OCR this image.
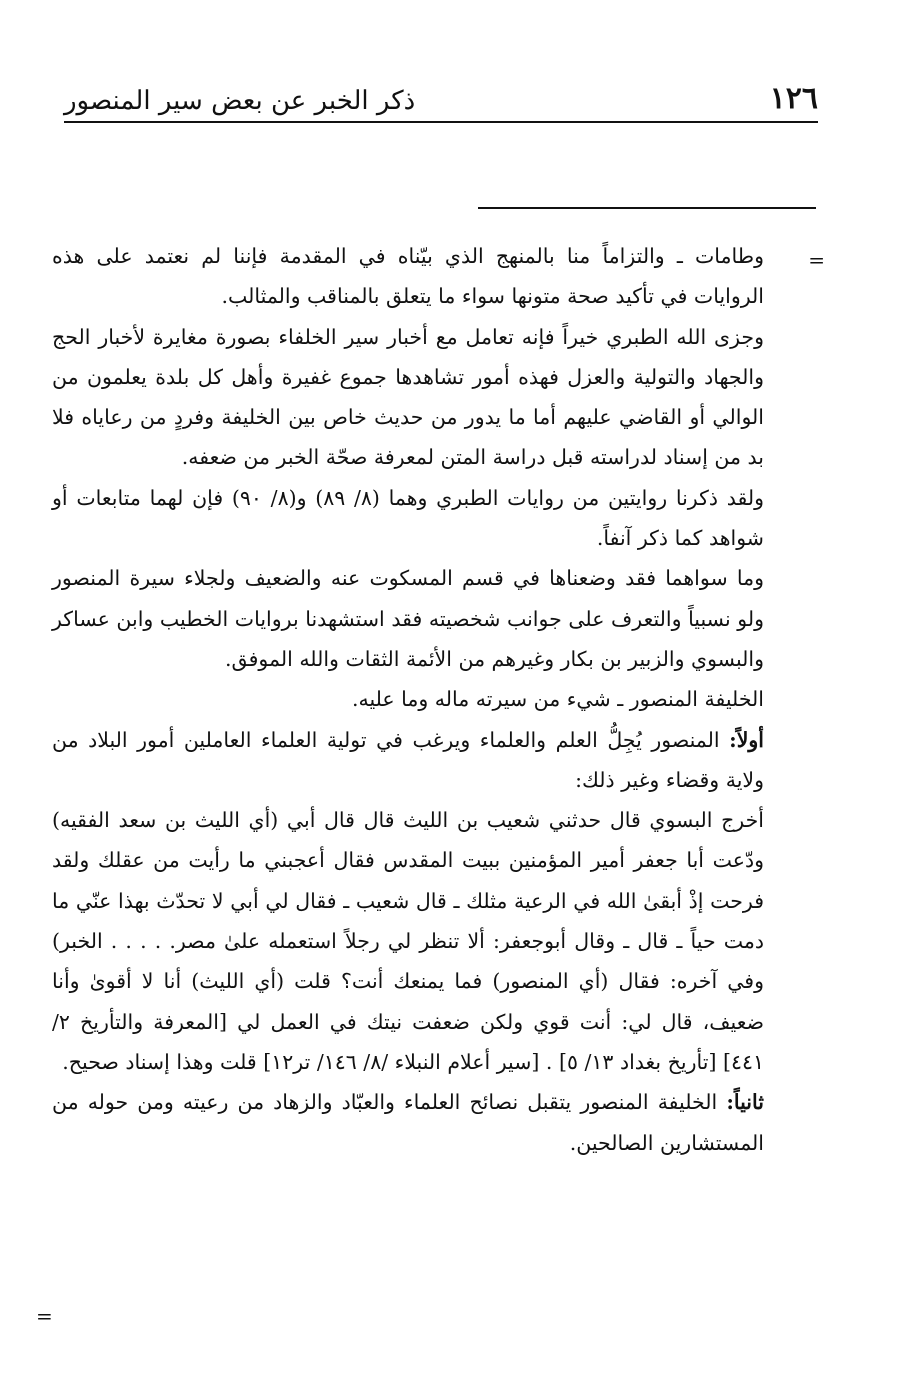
١٢٦
ذكر الخبر عن بعض سير المنصور
=
=

وطامات ـ والتزاماً منا بالمنهج الذي بيّناه في المقدمة فإننا لم نعتمد على هذه الروايات في تأكيد صحة متونها سواء ما يتعلق بالمناقب والمثالب.

وجزى الله الطبري خيراً فإنه تعامل مع أخبار سير الخلفاء بصورة مغايرة لأخبار الحج والجهاد والتولية والعزل فهذه أمور تشاهدها جموع غفيرة وأهل كل بلدة يعلمون من الوالي أو القاضي عليهم أما ما يدور من حديث خاص بين الخليفة وفردٍ من رعاياه فلا بد من إسناد لدراسته قبل دراسة المتن لمعرفة صحّة الخبر من ضعفه.

ولقد ذكرنا روايتين من روايات الطبري وهما (٨/ ٨٩) و(٨/ ٩٠) فإن لهما متابعات أو شواهد كما ذكر آنفاً.

وما سواهما فقد وضعناها في قسم المسكوت عنه والضعيف ولجلاء سيرة المنصور ولو نسبياً والتعرف على جوانب شخصيته فقد استشهدنا بروايات الخطيب وابن عساكر والبسوي والزبير بن بكار وغيرهم من الأئمة الثقات والله الموفق.

الخليفة المنصور ـ شيء من سيرته ماله وما عليه.

أولاً: المنصور يُجِلُّ العلم والعلماء ويرغب في تولية العلماء العاملين أمور البلاد من ولاية وقضاء وغير ذلك:

أخرج البسوي قال حدثني شعيب بن الليث قال قال أبي (أي الليث بن سعد الفقيه) ودّعت أبا جعفر أمير المؤمنين ببيت المقدس فقال أعجبني ما رأيت من عقلك ولقد فرحت إذْ أبقىٰ الله في الرعية مثلك ـ قال شعيب ـ فقال لي أبي لا تحدّث بهذا عنّي ما دمت حياً ـ قال ـ وقال أبوجعفر: ألا تنظر لي رجلاً استعمله علىٰ مصر. . . . . الخبر) وفي آخره: فقال (أي المنصور) فما يمنعك أنت؟ قلت (أي الليث) أنا لا أقوىٰ وأنا ضعيف، قال لي: أنت قوي ولكن ضعفت نيتك في العمل لي [المعرفة والتأريخ ٢/ ٤٤١] [تأريخ بغداد ١٣/ ٥] . [سير أعلام النبلاء /٨/ ١٤٦/ تر١٢] قلت وهذا إسناد صحيح.

ثانياً: الخليفة المنصور يتقبل نصائح العلماء والعبّاد والزهاد من رعيته ومن حوله من المستشارين الصالحين.
